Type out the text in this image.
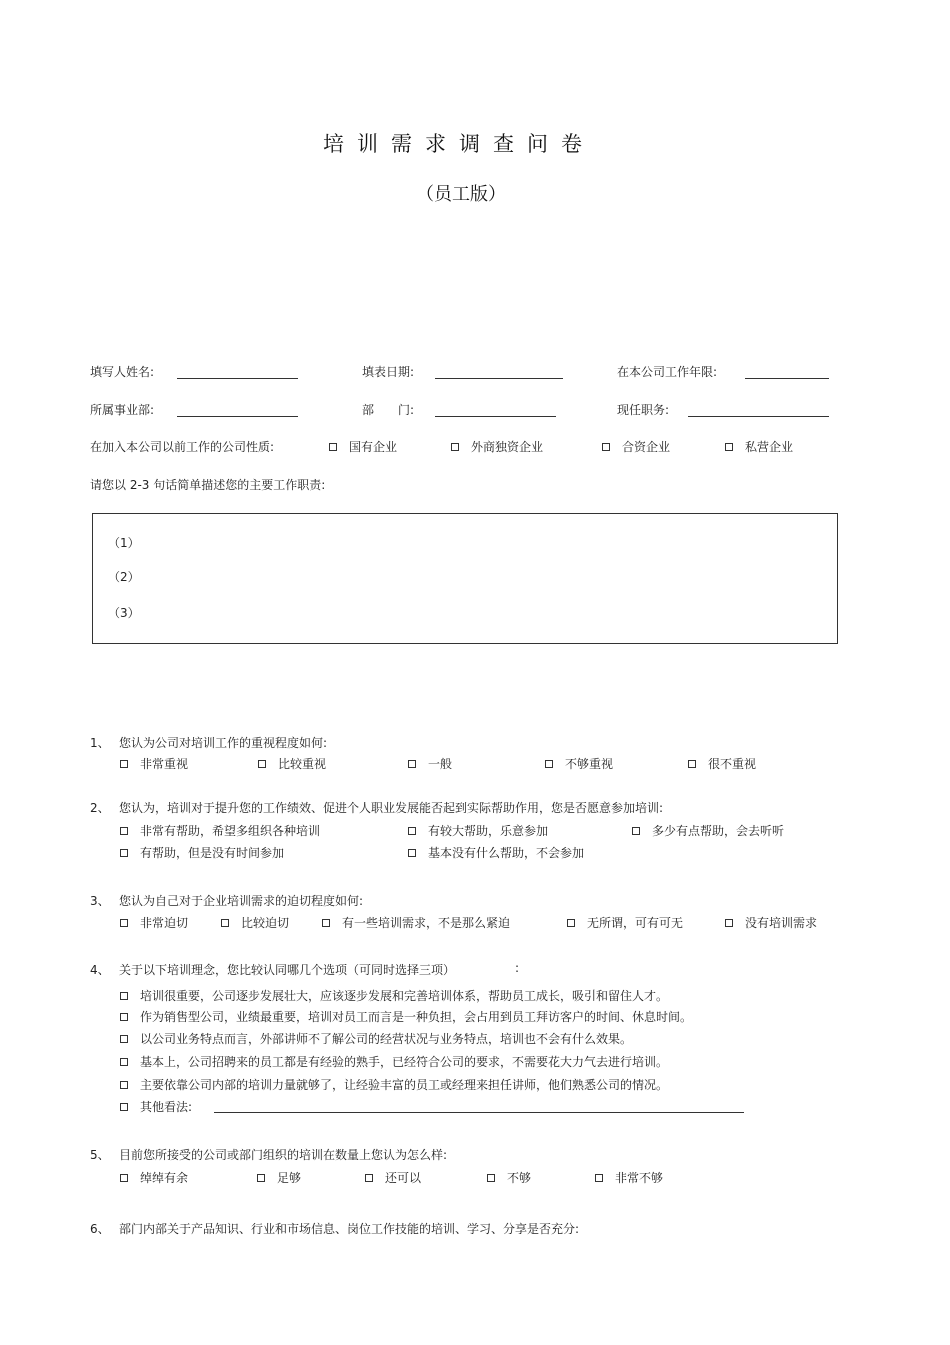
培训需求调查问卷
（员工版）
填写人姓名:	填表日期:	在本公司工作年限:
所属事业部:	部　　门:	现任职务:
在加入本公司以前工作的公司性质:	国有企业	外商独资企业	合资企业	私营企业
请您以 2-3 句话简单描述您的主要工作职责:
（1）
（2）
（3）
1、 您认为公司对培训工作的重视程度如何:
非常重视	比较重视	一般	不够重视	很不重视
2、 您认为，培训对于提升您的工作绩效、促进个人职业发展能否起到实际帮助作用，您是否愿意参加培训:
非常有帮助，希望多组织各种培训	有较大帮助，乐意参加	多少有点帮助，会去听听
有帮助，但是没有时间参加	基本没有什么帮助，不会参加
3、 您认为自己对于企业培训需求的迫切程度如何:
非常迫切	比较迫切	有一些培训需求，不是那么紧迫	无所谓，可有可无	没有培训需求
4、 关于以下培训理念，您比较认同哪几个选项（可同时选择三项）	:
培训很重要，公司逐步发展壮大，应该逐步发展和完善培训体系，帮助员工成长，吸引和留住人才。
作为销售型公司，业绩最重要，培训对员工而言是一种负担，会占用到员工拜访客户的时间、休息时间。
以公司业务特点而言，外部讲师不了解公司的经营状况与业务特点，培训也不会有什么效果。
基本上，公司招聘来的员工都是有经验的熟手，已经符合公司的要求，不需要花大力气去进行培训。
主要依靠公司内部的培训力量就够了，让经验丰富的员工或经理来担任讲师，他们熟悉公司的情况。
其他看法:
5、 目前您所接受的公司或部门组织的培训在数量上您认为怎么样:
绰绰有余	足够	还可以	不够	非常不够
6、 部门内部关于产品知识、行业和市场信息、岗位工作技能的培训、学习、分享是否充分:
